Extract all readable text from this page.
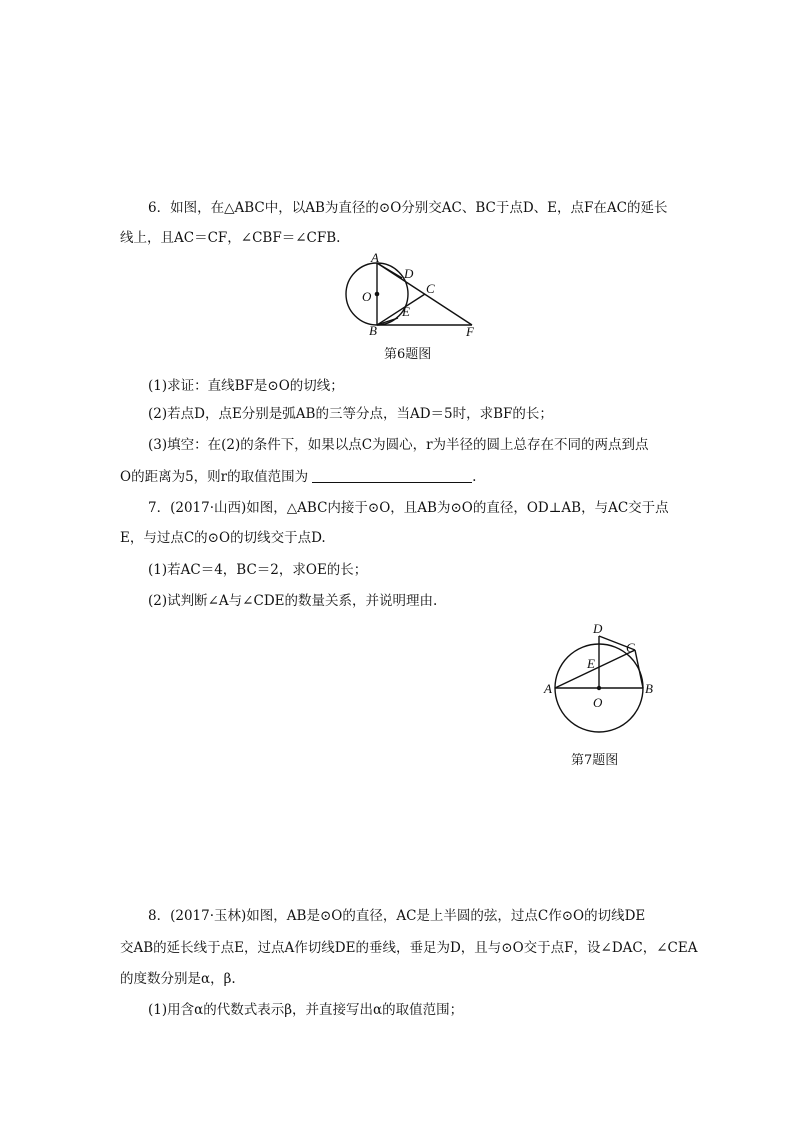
6．如图，在△ABC中，以AB为直径的⊙O分别交AC、BC于点D、E，点F在AC的延长
线上，且AC＝CF，∠CBF＝∠CFB.
A
B
C
D
E
F
O
第6题图
(1)求证：直线BF是⊙O的切线；
(2)若点D，点E分别是弧AB的三等分点，当AD＝5时，求BF的长；
(3)填空：在(2)的条件下，如果以点C为圆心，r为半径的圆上总存在不同的两点到点
O的距离为5，则r的取值范围为	.
7．(2017·山西)如图，△ABC内接于⊙O，且AB为⊙O的直径，OD⊥AB，与AC交于点
E，与过点C的⊙O的切线交于点D.
(1)若AC＝4，BC＝2，求OE的长；
(2)试判断∠A与∠CDE的数量关系，并说明理由.
D
C
E
A	B
O
第7题图
8．(2017·玉林)如图，AB是⊙O的直径，AC是上半圆的弦，过点C作⊙O的切线DE
交AB的延长线于点E，过点A作切线DE的垂线，垂足为D，且与⊙O交于点F，设∠DAC，∠CEA
的度数分别是α，β.
(1)用含α的代数式表示β，并直接写出α的取值范围；
